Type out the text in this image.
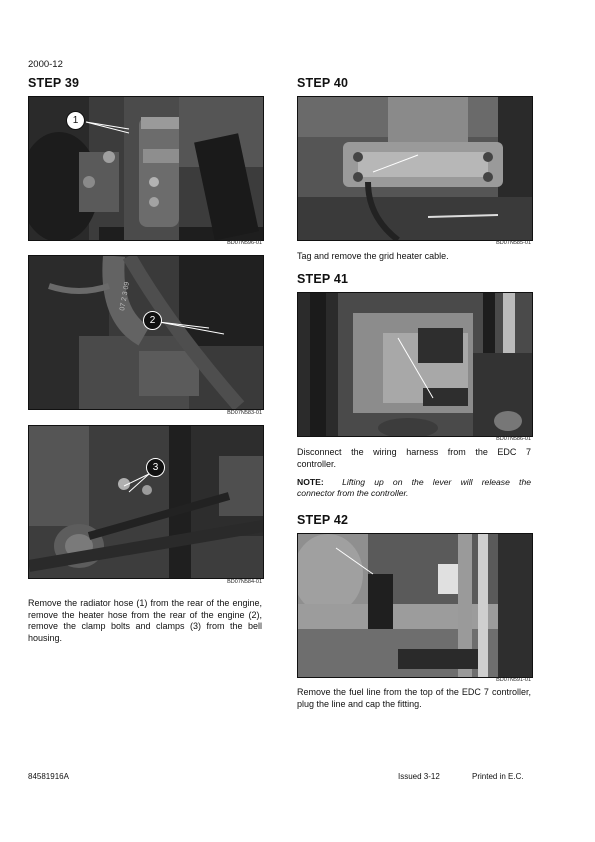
2000-12
STEP 39
1
BD07N596-01
07 2 3 09
2
BD07N583-01
3
BD07N584-01
Remove the radiator hose (1) from the rear of the engine, remove the heater hose from the rear of the engine (2), remove the clamp bolts and clamps (3) from the bell housing.
STEP 40
BD07N585-01
Tag and remove the grid heater cable.
STEP 41
BD07N586-01
Disconnect the wiring harness from the EDC 7
controller.
NOTE: Lifting up on the lever will release the
connector from the controller.
STEP 42
BD07N591-01
Remove the fuel line from the top of the EDC 7 controller, plug the line and cap the fitting.
84581916A	Issued 3-12	Printed in E.C.
